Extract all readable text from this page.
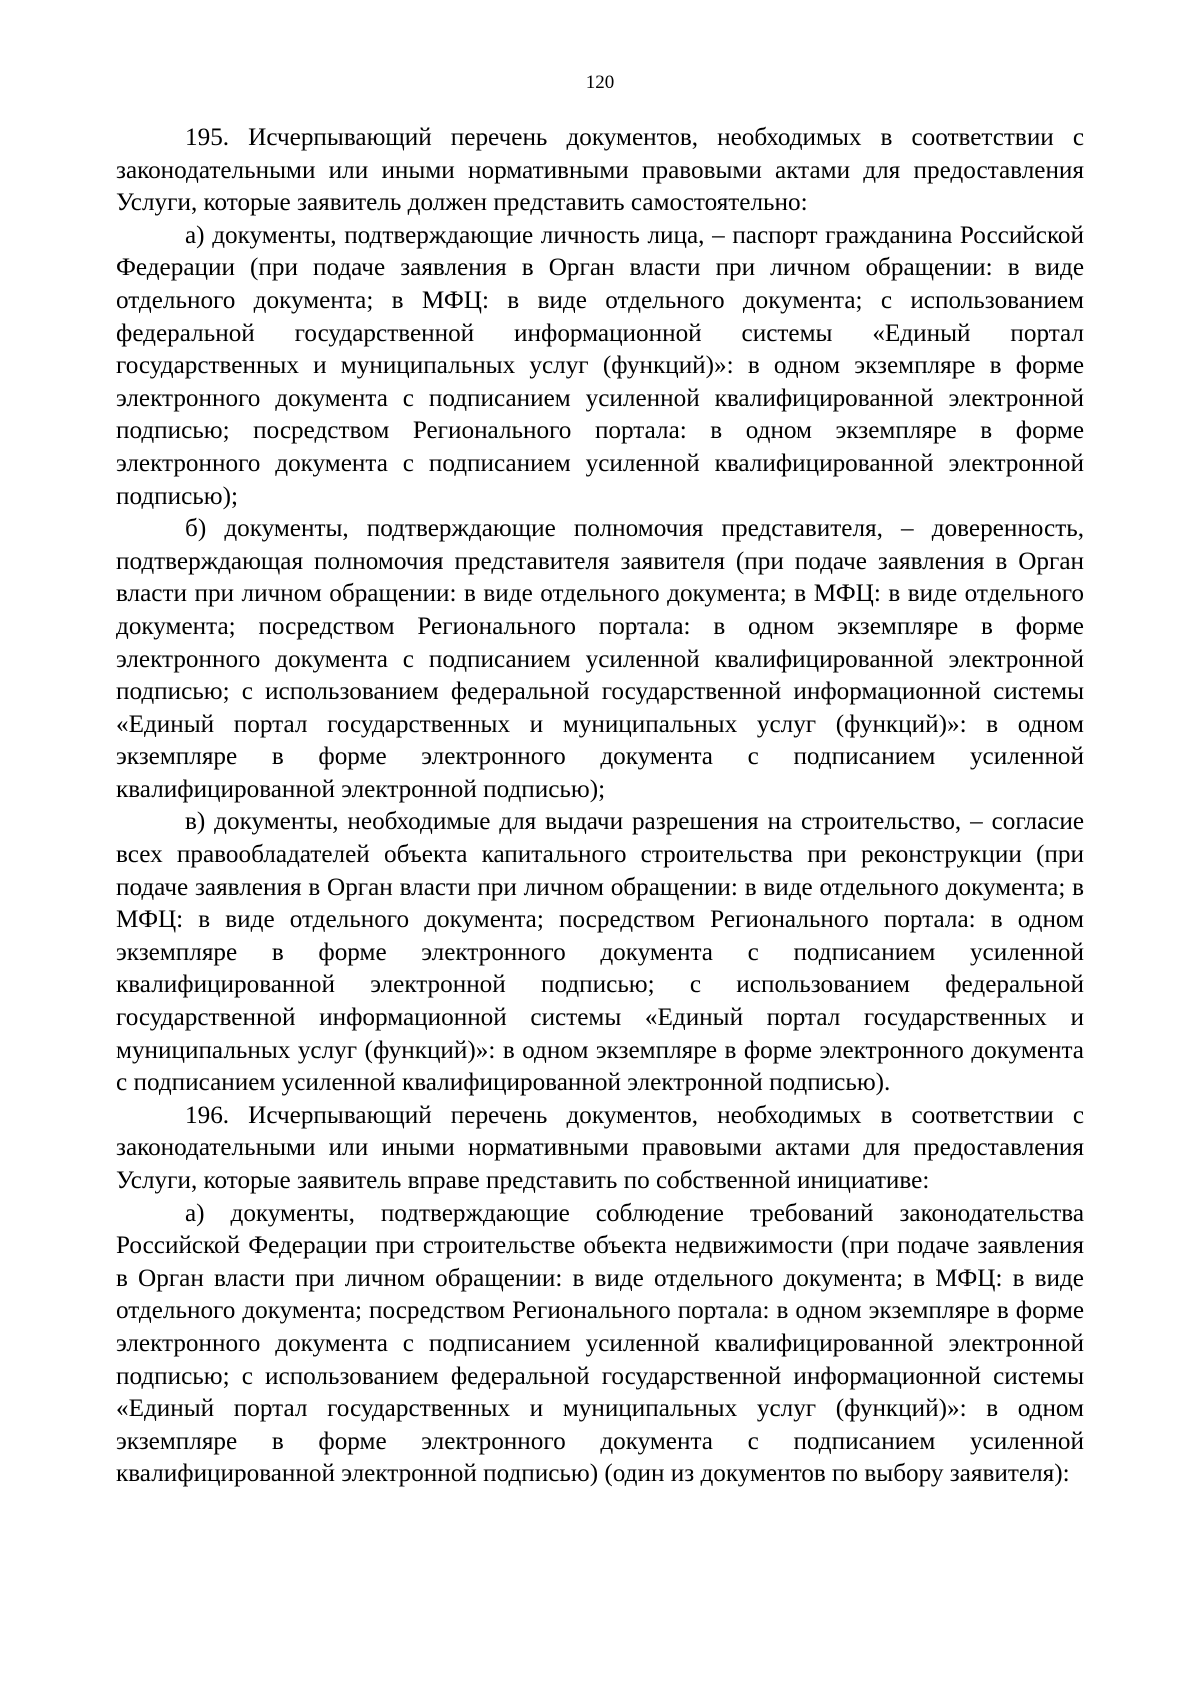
120

195. Исчерпывающий перечень документов, необходимых в соответствии с законодательными или иными нормативными правовыми актами для предоставления Услуги, которые заявитель должен представить самостоятельно:

а) документы, подтверждающие личность лица, – паспорт гражданина Российской Федерации (при подаче заявления в Орган власти при личном обращении: в виде отдельного документа; в МФЦ: в виде отдельного документа; с использованием федеральной государственной информационной системы «Единый портал государственных и муниципальных услуг (функций)»: в одном экземпляре в форме электронного документа с подписанием усиленной квалифицированной электронной подписью; посредством Регионального портала: в одном экземпляре в форме электронного документа с подписанием усиленной квалифицированной электронной подписью);

б) документы, подтверждающие полномочия представителя, – доверенность, подтверждающая полномочия представителя заявителя (при подаче заявления в Орган власти при личном обращении: в виде отдельного документа; в МФЦ: в виде отдельного документа; посредством Регионального портала: в одном экземпляре в форме электронного документа с подписанием усиленной квалифицированной электронной подписью; с использованием федеральной государственной информационной системы «Единый портал государственных и муниципальных услуг (функций)»: в одном экземпляре в форме электронного документа с подписанием усиленной квалифицированной электронной подписью);

в) документы, необходимые для выдачи разрешения на строительство, – согласие всех правообладателей объекта капитального строительства при реконструкции (при подаче заявления в Орган власти при личном обращении: в виде отдельного документа; в МФЦ: в виде отдельного документа; посредством Регионального портала: в одном экземпляре в форме электронного документа с подписанием усиленной квалифицированной электронной подписью; с использованием федеральной государственной информационной системы «Единый портал государственных и муниципальных услуг (функций)»: в одном экземпляре в форме электронного документа с подписанием усиленной квалифицированной электронной подписью).

196. Исчерпывающий перечень документов, необходимых в соответствии с законодательными или иными нормативными правовыми актами для предоставления Услуги, которые заявитель вправе представить по собственной инициативе:

а) документы, подтверждающие соблюдение требований законодательства Российской Федерации при строительстве объекта недвижимости (при подаче заявления в Орган власти при личном обращении: в виде отдельного документа; в МФЦ: в виде отдельного документа; посредством Регионального портала: в одном экземпляре в форме электронного документа с подписанием усиленной квалифицированной электронной подписью; с использованием федеральной государственной информационной системы «Единый портал государственных и муниципальных услуг (функций)»: в одном экземпляре в форме электронного документа с подписанием усиленной квалифицированной электронной подписью) (один из документов по выбору заявителя):
